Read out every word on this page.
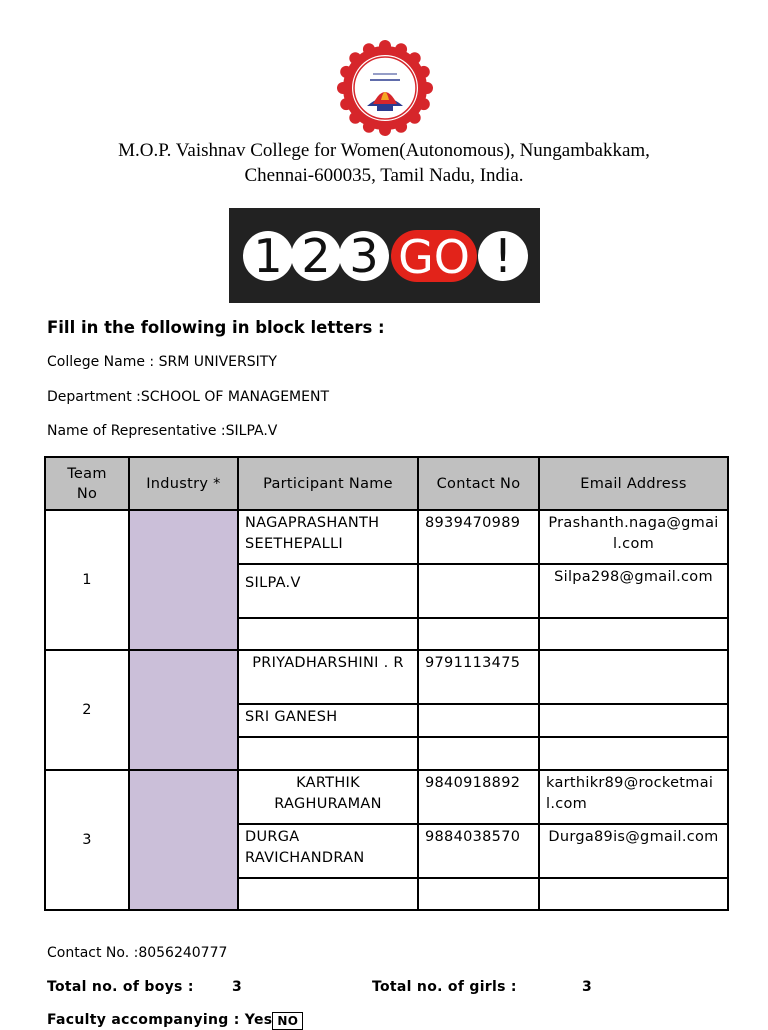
M.O.P. Vaishnav College for Women(Autonomous), Nungambakkam,
Chennai-600035, Tamil Nadu, India.
1 2 3 GO !
Fill in the following in block letters :
College Name : SRM UNIVERSITY
Department :SCHOOL OF MANAGEMENT
Name of Representative :SILPA.V
Team No	Industry *	Participant Name	Contact No	Email Address
1		NAGAPRASHANTH SEETHEPALLI	8939470989	Prashanth.naga@gmail.com

		SILPA.V		Silpa298@gmail.com

2		PRIYADHARSHINI . R	9791113475	

		SRI GANESH		

3		KARTHIK RAGHURAMAN	9840918892	karthikr89@rocketmail.com

		DURGA RAVICHANDRAN	9884038570	Durga89is@gmail.com

Contact No. :8056240777
Total no. of boys :	3	Total no. of girls :	3
Faculty accompanying : Yes NO
